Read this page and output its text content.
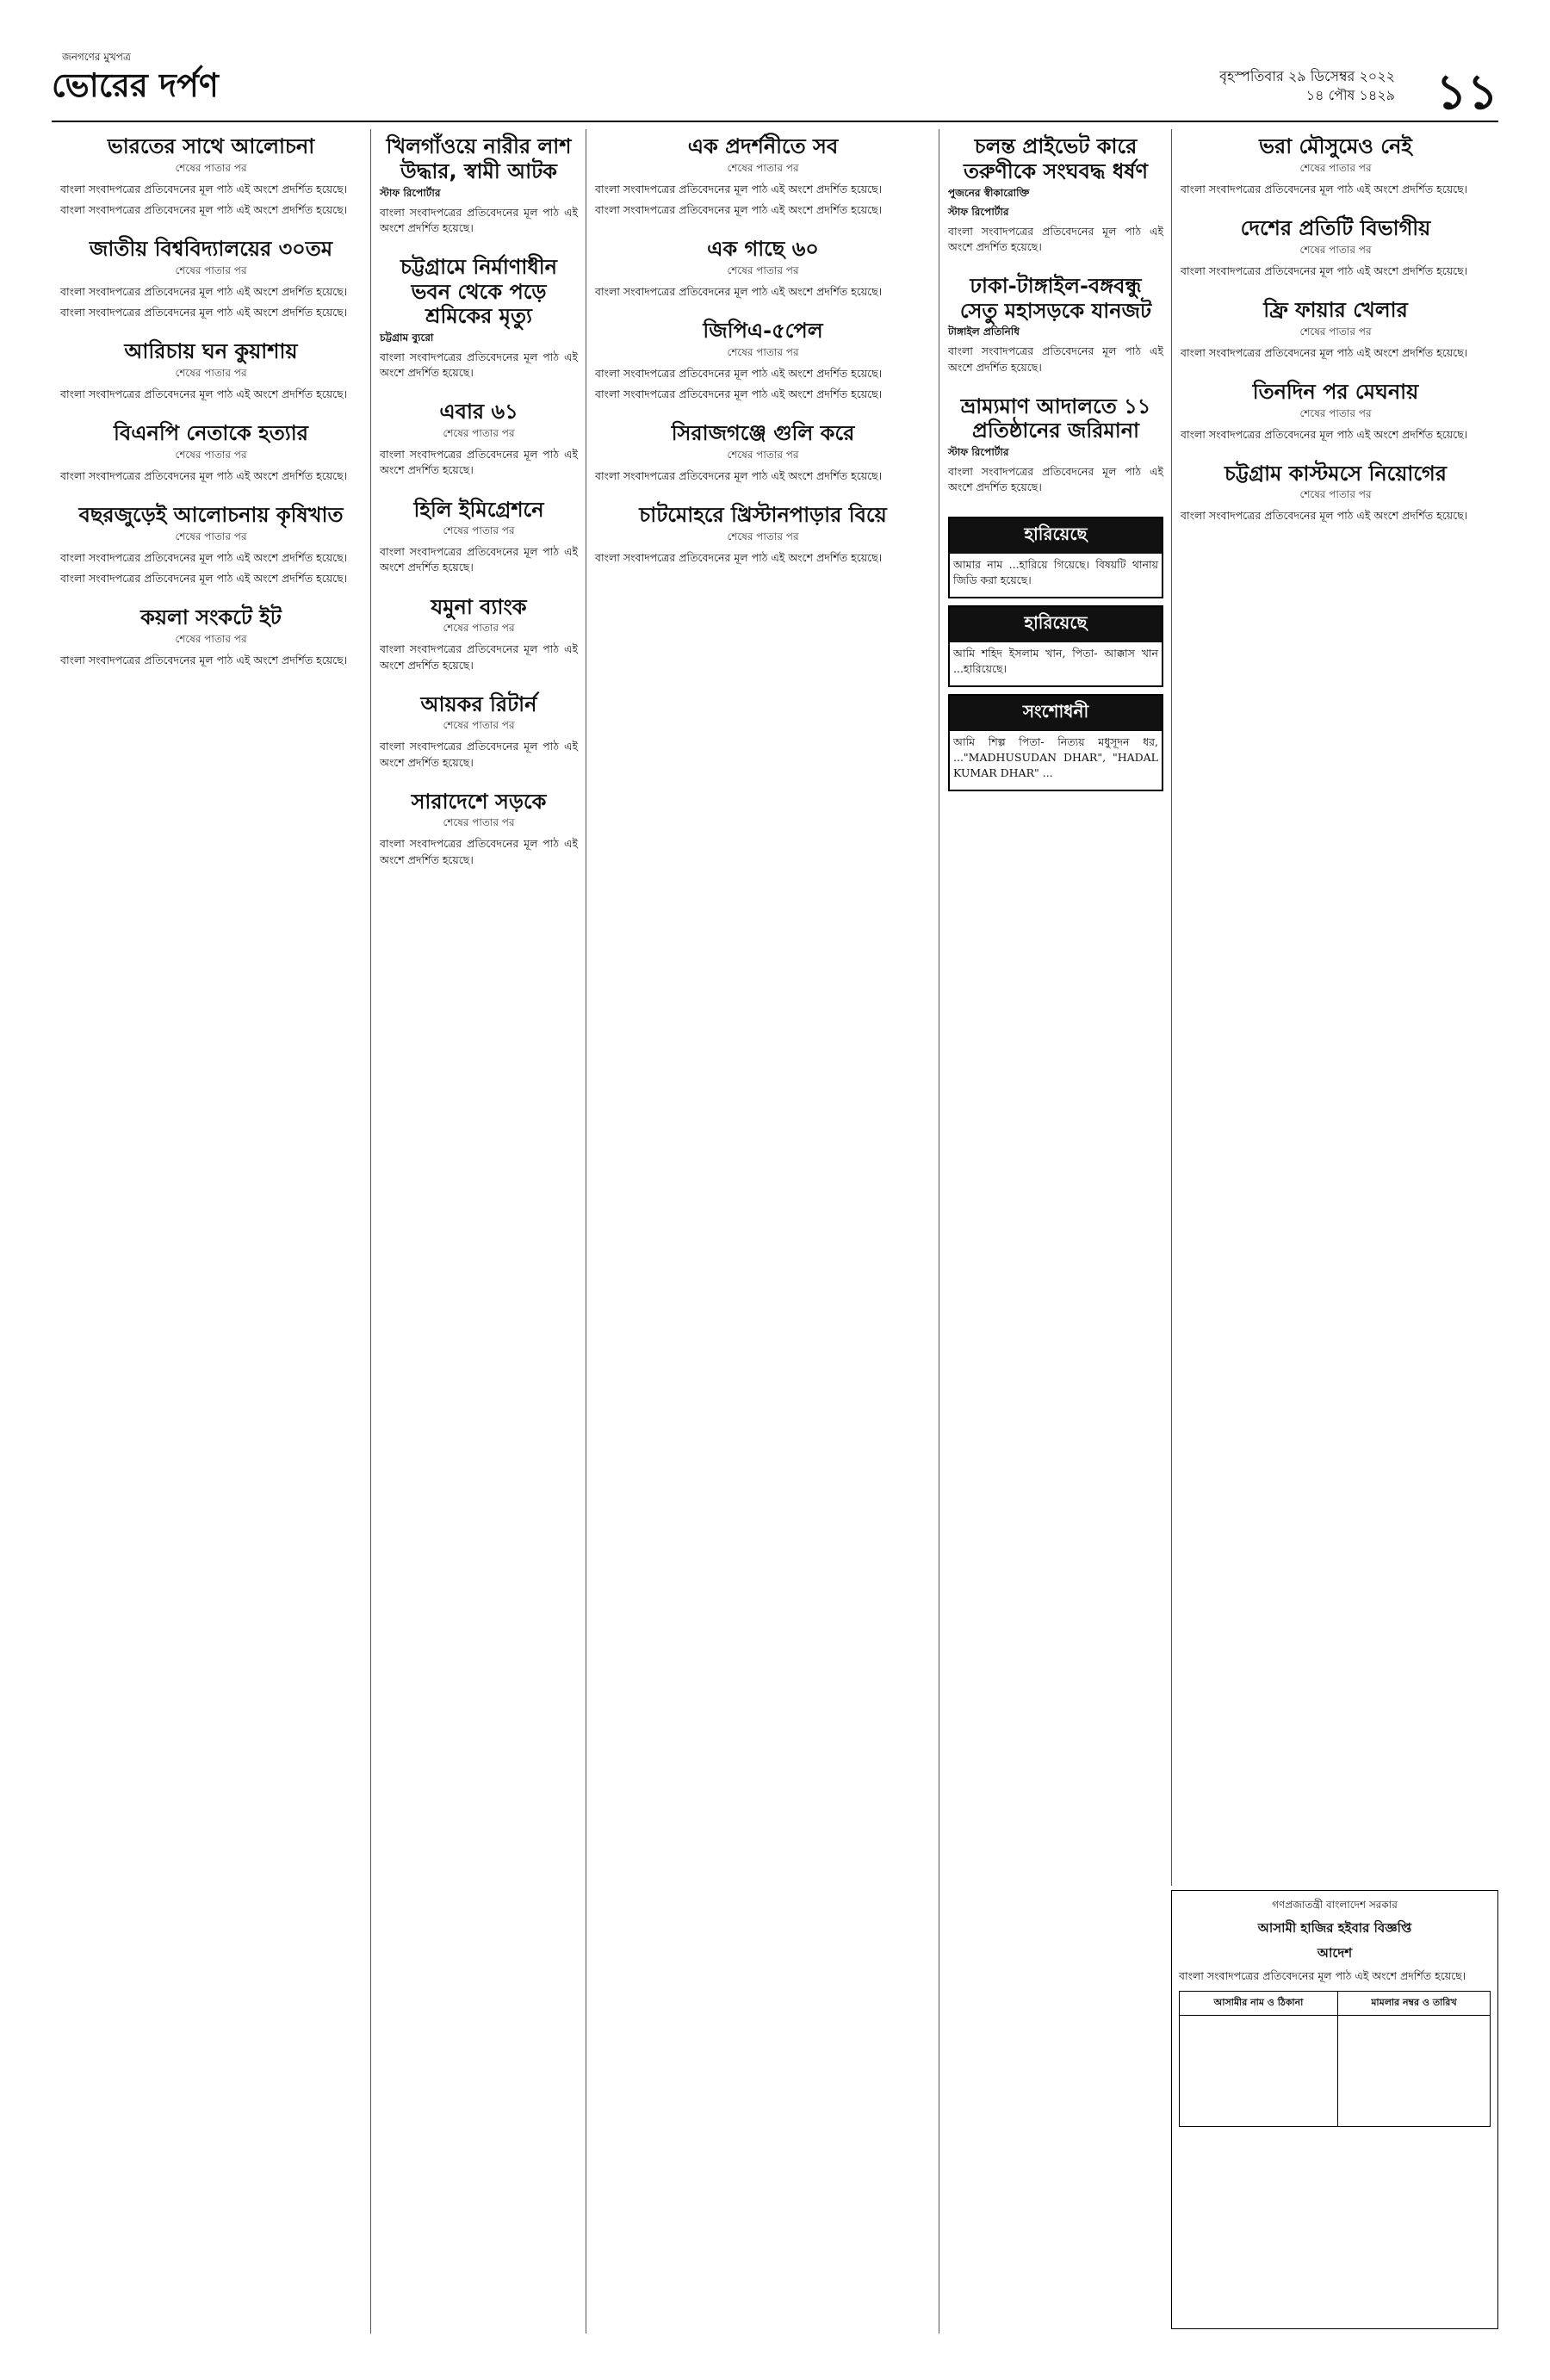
জনগণের মুখপত্র
ভোরের দর্পণ	বৃহস্পতিবার ২৯ ডিসেম্বর ২০২২
১৪ পৌষ ১৪২৯ ১১
ভারতের সাথে আলোচনা
শেষের পাতার পর

বাংলা সংবাদপত্রের প্রতিবেদনের মূল পাঠ এই অংশে প্রদর্শিত হয়েছে।

বাংলা সংবাদপত্রের প্রতিবেদনের মূল পাঠ এই অংশে প্রদর্শিত হয়েছে।

জাতীয় বিশ্ববিদ্যালয়ের ৩০তম
শেষের পাতার পর

বাংলা সংবাদপত্রের প্রতিবেদনের মূল পাঠ এই অংশে প্রদর্শিত হয়েছে।

বাংলা সংবাদপত্রের প্রতিবেদনের মূল পাঠ এই অংশে প্রদর্শিত হয়েছে।

আরিচায় ঘন কুয়াশায়
শেষের পাতার পর

বাংলা সংবাদপত্রের প্রতিবেদনের মূল পাঠ এই অংশে প্রদর্শিত হয়েছে।

বিএনপি নেতাকে হত্যার
শেষের পাতার পর

বাংলা সংবাদপত্রের প্রতিবেদনের মূল পাঠ এই অংশে প্রদর্শিত হয়েছে।

বছরজুড়েই আলোচনায় কৃষিখাত
শেষের পাতার পর

বাংলা সংবাদপত্রের প্রতিবেদনের মূল পাঠ এই অংশে প্রদর্শিত হয়েছে।

বাংলা সংবাদপত্রের প্রতিবেদনের মূল পাঠ এই অংশে প্রদর্শিত হয়েছে।

কয়লা সংকটে ইট
শেষের পাতার পর

বাংলা সংবাদপত্রের প্রতিবেদনের মূল পাঠ এই অংশে প্রদর্শিত হয়েছে।

খিলগাঁওয়ে নারীর লাশ উদ্ধার, স্বামী আটক
স্টাফ রিপোর্টার

বাংলা সংবাদপত্রের প্রতিবেদনের মূল পাঠ এই অংশে প্রদর্শিত হয়েছে।

চট্টগ্রামে নির্মাণাধীন ভবন থেকে পড়ে শ্রমিকের মৃত্যু
চট্টগ্রাম ব্যুরো

বাংলা সংবাদপত্রের প্রতিবেদনের মূল পাঠ এই অংশে প্রদর্শিত হয়েছে।

এবার ৬১
শেষের পাতার পর

বাংলা সংবাদপত্রের প্রতিবেদনের মূল পাঠ এই অংশে প্রদর্শিত হয়েছে।

হিলি ইমিগ্রেশনে
শেষের পাতার পর

বাংলা সংবাদপত্রের প্রতিবেদনের মূল পাঠ এই অংশে প্রদর্শিত হয়েছে।

যমুনা ব্যাংক
শেষের পাতার পর

বাংলা সংবাদপত্রের প্রতিবেদনের মূল পাঠ এই অংশে প্রদর্শিত হয়েছে।

আয়কর রিটার্ন
শেষের পাতার পর

বাংলা সংবাদপত্রের প্রতিবেদনের মূল পাঠ এই অংশে প্রদর্শিত হয়েছে।

সারাদেশে সড়কে
শেষের পাতার পর

বাংলা সংবাদপত্রের প্রতিবেদনের মূল পাঠ এই অংশে প্রদর্শিত হয়েছে।

এক প্রদর্শনীতে সব
শেষের পাতার পর

বাংলা সংবাদপত্রের প্রতিবেদনের মূল পাঠ এই অংশে প্রদর্শিত হয়েছে।

বাংলা সংবাদপত্রের প্রতিবেদনের মূল পাঠ এই অংশে প্রদর্শিত হয়েছে।

এক গাছে ৬০
শেষের পাতার পর

বাংলা সংবাদপত্রের প্রতিবেদনের মূল পাঠ এই অংশে প্রদর্শিত হয়েছে।

জিপিএ-৫পেল
শেষের পাতার পর

বাংলা সংবাদপত্রের প্রতিবেদনের মূল পাঠ এই অংশে প্রদর্শিত হয়েছে।

বাংলা সংবাদপত্রের প্রতিবেদনের মূল পাঠ এই অংশে প্রদর্শিত হয়েছে।

সিরাজগঞ্জে গুলি করে
শেষের পাতার পর

বাংলা সংবাদপত্রের প্রতিবেদনের মূল পাঠ এই অংশে প্রদর্শিত হয়েছে।

চাটমোহরে খ্রিস্টানপাড়ার বিয়ে
শেষের পাতার পর

বাংলা সংবাদপত্রের প্রতিবেদনের মূল পাঠ এই অংশে প্রদর্শিত হয়েছে।

চলন্ত প্রাইভেট কারে তরুণীকে সংঘবদ্ধ ধর্ষণ
পুজনের স্বীকারোক্তি
স্টাফ রিপোর্টার

বাংলা সংবাদপত্রের প্রতিবেদনের মূল পাঠ এই অংশে প্রদর্শিত হয়েছে।

ঢাকা-টাঙ্গাইল-বঙ্গবন্ধু সেতু মহাসড়কে যানজট
টাঙ্গাইল প্রতিনিধি

বাংলা সংবাদপত্রের প্রতিবেদনের মূল পাঠ এই অংশে প্রদর্শিত হয়েছে।

ভ্রাম্যমাণ আদালতে ১১ প্রতিষ্ঠানের জরিমানা
স্টাফ রিপোর্টার

বাংলা সংবাদপত্রের প্রতিবেদনের মূল পাঠ এই অংশে প্রদর্শিত হয়েছে।

হারিয়েছে

আমার নাম ...হারিয়ে গিয়েছে। বিষয়টি থানায় জিডি করা হয়েছে।

হারিয়েছে

আমি শহিদ ইসলাম খান, পিতা- আক্কাস খান ...হারিয়েছে।

সংশোধনী

আমি শিল্প পিতা- নিত্যয় মধুসূদন ধর, ..."MADHUSUDAN DHAR", "HADAL KUMAR DHAR" ...

ভরা মৌসুমেও নেই
শেষের পাতার পর

বাংলা সংবাদপত্রের প্রতিবেদনের মূল পাঠ এই অংশে প্রদর্শিত হয়েছে।

দেশের প্রতিটি বিভাগীয়
শেষের পাতার পর

বাংলা সংবাদপত্রের প্রতিবেদনের মূল পাঠ এই অংশে প্রদর্শিত হয়েছে।

ফ্রি ফায়ার খেলার
শেষের পাতার পর

বাংলা সংবাদপত্রের প্রতিবেদনের মূল পাঠ এই অংশে প্রদর্শিত হয়েছে।

তিনদিন পর মেঘনায়
শেষের পাতার পর

বাংলা সংবাদপত্রের প্রতিবেদনের মূল পাঠ এই অংশে প্রদর্শিত হয়েছে।

চট্টগ্রাম কাস্টমসে নিয়োগের
শেষের পাতার পর

বাংলা সংবাদপত্রের প্রতিবেদনের মূল পাঠ এই অংশে প্রদর্শিত হয়েছে।

গণপ্রজাতন্ত্রী বাংলাদেশ সরকার
আসামী হাজির হইবার বিজ্ঞপ্তি
আদেশ

বাংলা সংবাদপত্রের প্রতিবেদনের মূল পাঠ এই অংশে প্রদর্শিত হয়েছে।

আসামীর নাম ও ঠিকানা	মামলার নম্বর ও তারিখ
